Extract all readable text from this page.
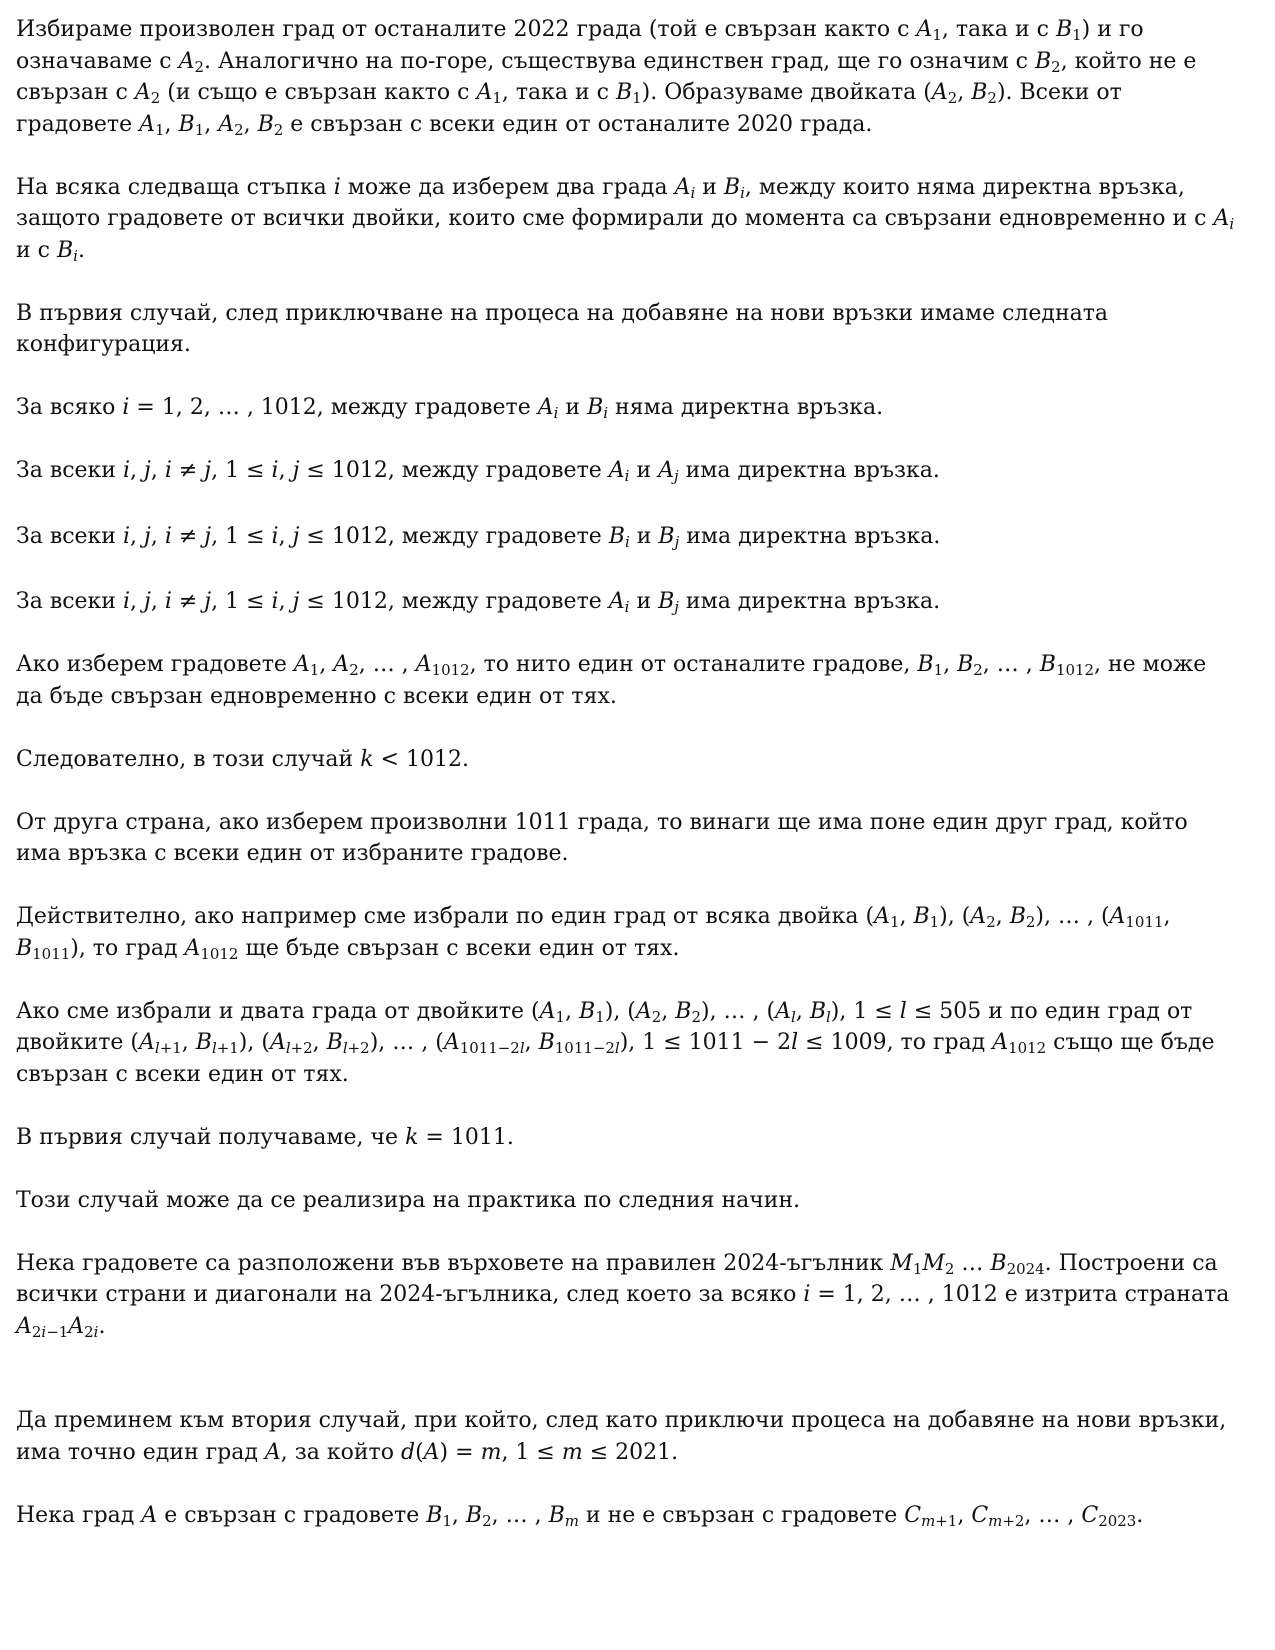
Избираме произволен град от останалите 2022 града (той е свързан както с $A_1$, така и с $B_1$) и го означаваме с $A_2$. Аналогично на по-горе, съществува единствен град, ще го означим с $B_2$, който не е свързан с $A_2$ (и също е свързан както с $A_1$, така и с $B_1$). Образуваме двойката ($A_2$, $B_2$). Всеки от градовете $A_1$, $B_1$, $A_2$, $B_2$ е свързан с всеки един от останалите 2020 града.

На всяка следваща стъпка i може да изберем два града $A_i$ и $B_i$, между които няма директна връзка, защото градовете от всички двойки, които сме формирали до момента са свързани едновременно и с $A_i$ и с $B_i$.

В първия случай, след приключване на процеса на добавяне на нови връзки имаме следната конфигурация.

За всяко i = 1, 2, … , 1012, между градовете $A_i$ и $B_i$ няма директна връзка.

За всеки i, j, i ≠ j, 1 ≤ i, j ≤ 1012, между градовете $A_i$ и $A_j$ има директна връзка.

За всеки i, j, i ≠ j, 1 ≤ i, j ≤ 1012, между градовете $B_i$ и $B_j$ има директна връзка.

За всеки i, j, i ≠ j, 1 ≤ i, j ≤ 1012, между градовете $A_i$ и $B_j$ има директна връзка.

Ако изберем градовете $A_1$, $A_2$, … , $A_{1012}$, то нито един от останалите градове, $B_1$, $B_2$, … , $B_{1012}$, не може да бъде свързан едновременно с всеки един от тях.

Следователно, в този случай k < 1012.

От друга страна, ако изберем произволни 1011 града, то винаги ще има поне един друг град, който има връзка с всеки един от избраните градове.

Действително, ако например сме избрали по един град от всяка двойка ($A_1$, $B_1$), ($A_2$, $B_2$), … , ($A_{1011}$, $B_{1011}$), то град $A_{1012}$ ще бъде свързан с всеки един от тях.

Ако сме избрали и двата града от двойките ($A_1$, $B_1$), ($A_2$, $B_2$), … , ($A_l$, $B_l$), 1 ≤ l ≤ 505 и по един град от двойките ($A_{l+1}$, $B_{l+1}$), ($A_{l+2}$, $B_{l+2}$), … , ($A_{1011-2l}$, $B_{1011-2l}$), 1 ≤ 1011 − 2l ≤ 1009, то град $A_{1012}$ също ще бъде свързан с всеки един от тях.

В първия случай получаваме, че k = 1011.

Този случай може да се реализира на практика по следния начин.

Нека градовете са разположени във върховете на правилен 2024-ъгълник $M_1M_2$ … $B_{2024}$. Построени са всички страни и диагонали на 2024-ъгълника, след което за всяко i = 1, 2, … , 1012 е изтрита страната $A_{2i-1}A_{2i}$.

Да преминем към втория случай, при който, след като приключи процеса на добавяне на нови връзки, има точно един град A, за който d(A) = m, 1 ≤ m ≤ 2021.

Нека град A е свързан с градовете $B_1$, $B_2$, … , $B_m$ и не е свързан с градовете $C_{m+1}$, $C_{m+2}$, … , $C_{2023}$.
